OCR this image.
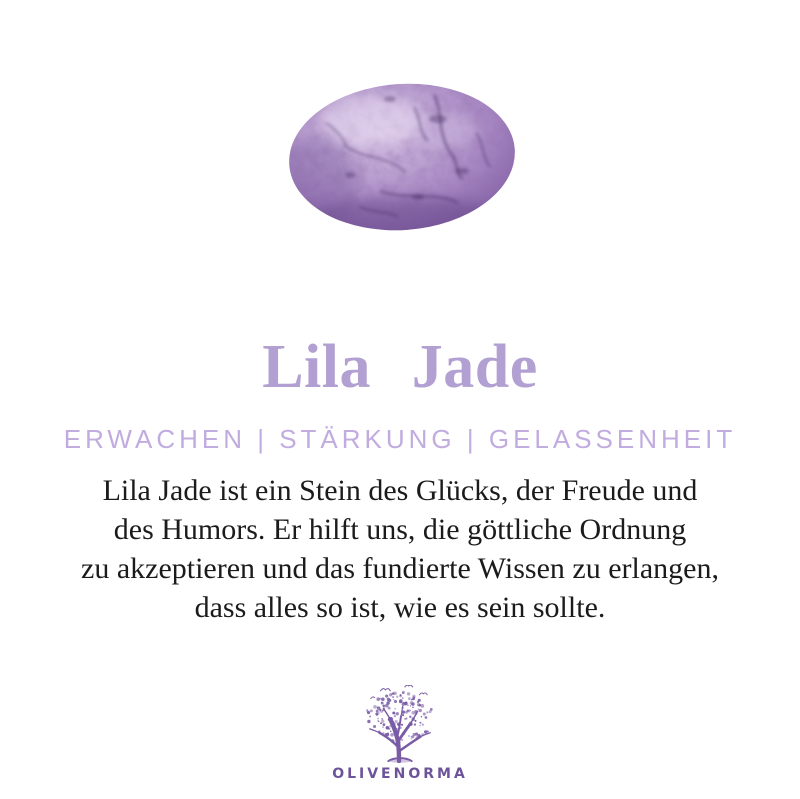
Lila Jade
ERWACHEN | STÄRKUNG | GELASSENHEIT
Lila Jade ist ein Stein des Glücks, der Freude und
des Humors. Er hilft uns, die göttliche Ordnung
zu akzeptieren und das fundierte Wissen zu erlangen,
dass alles so ist, wie es sein sollte.
OLIVENORMA
